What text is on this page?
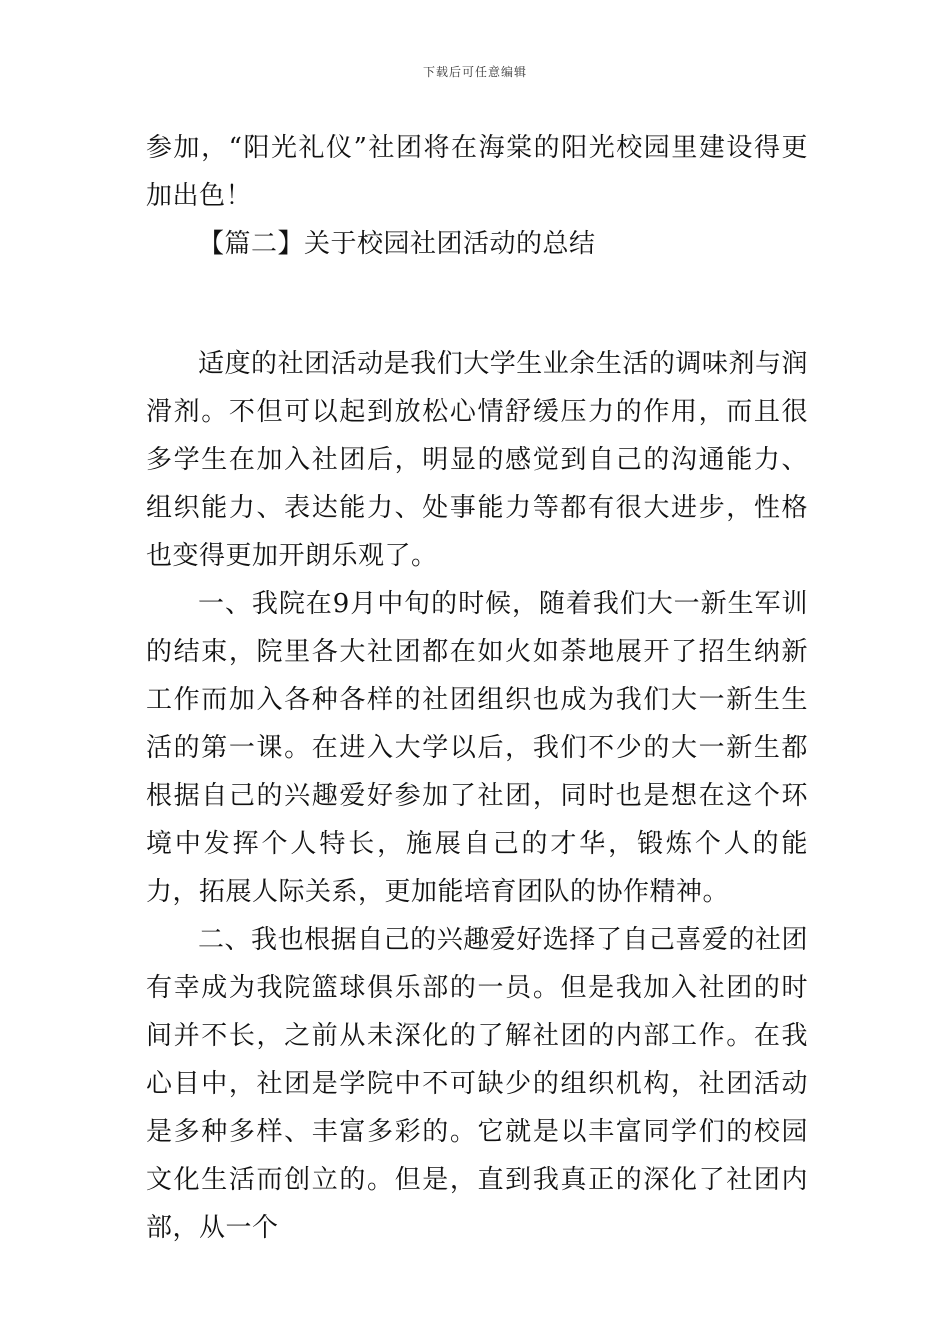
下载后可任意编辑

参加，“阳光礼仪”社团将在海棠的阳光校园里建设得更加出色！

【篇二】关于校园社团活动的总结

适度的社团活动是我们大学生业余生活的调味剂与润滑剂。不但可以起到放松心情舒缓压力的作用，而且很多学生在加入社团后，明显的感觉到自己的沟通能力、组织能力、表达能力、处事能力等都有很大进步，性格也变得更加开朗乐观了。

一、我院在9月中旬的时候，随着我们大一新生军训的结束，院里各大社团都在如火如荼地展开了招生纳新工作而加入各种各样的社团组织也成为我们大一新生生活的第一课。在进入大学以后，我们不少的大一新生都根据自己的兴趣爱好参加了社团，同时也是想在这个环境中发挥个人特长，施展自己的才华，锻炼个人的能力，拓展人际关系，更加能培育团队的协作精神。

二、我也根据自己的兴趣爱好选择了自己喜爱的社团有幸成为我院篮球俱乐部的一员。但是我加入社团的时间并不长，之前从未深化的了解社团的内部工作。在我心目中，社团是学院中不可缺少的组织机构，社团活动是多种多样、丰富多彩的。它就是以丰富同学们的校园文化生活而创立的。但是，直到我真正的深化了社团内部，从一个
